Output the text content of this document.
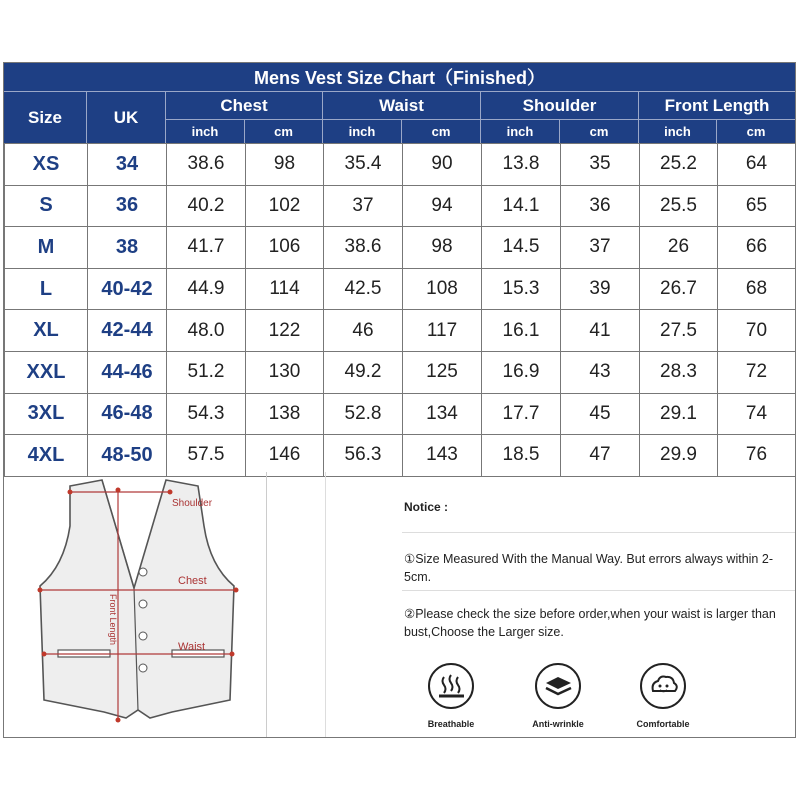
Mens Vest Size Chart（Finished）
Size	UK
Chest	Waist	Shoulder	Front Length
inch	cm	inch	cm	inch	cm	inch	cm
XS	34	38.6	98	35.4	90	13.8	35	25.2	64
S	36	40.2	102	37	94	14.1	36	25.5	65
M	38	41.7	106	38.6	98	14.5	37	26	66
L	40-42	44.9	114	42.5	108	15.3	39	26.7	68
XL	42-44	48.0	122	46	117	16.1	41	27.5	70
XXL	44-46	51.2	130	49.2	125	16.9	43	28.3	72
3XL	46-48	54.3	138	52.8	134	17.7	45	29.1	74
4XL	48-50	57.5	146	56.3	143	18.5	47	29.9	76
Shoulder
Chest
Waist
Front Length
Notice :
①Size Measured With the Manual Way. But errors always within 2-5cm.
②Please check the size before order,when your waist is larger than bust,Choose the Larger size.
Breathable	Anti-wrinkle	Comfortable
